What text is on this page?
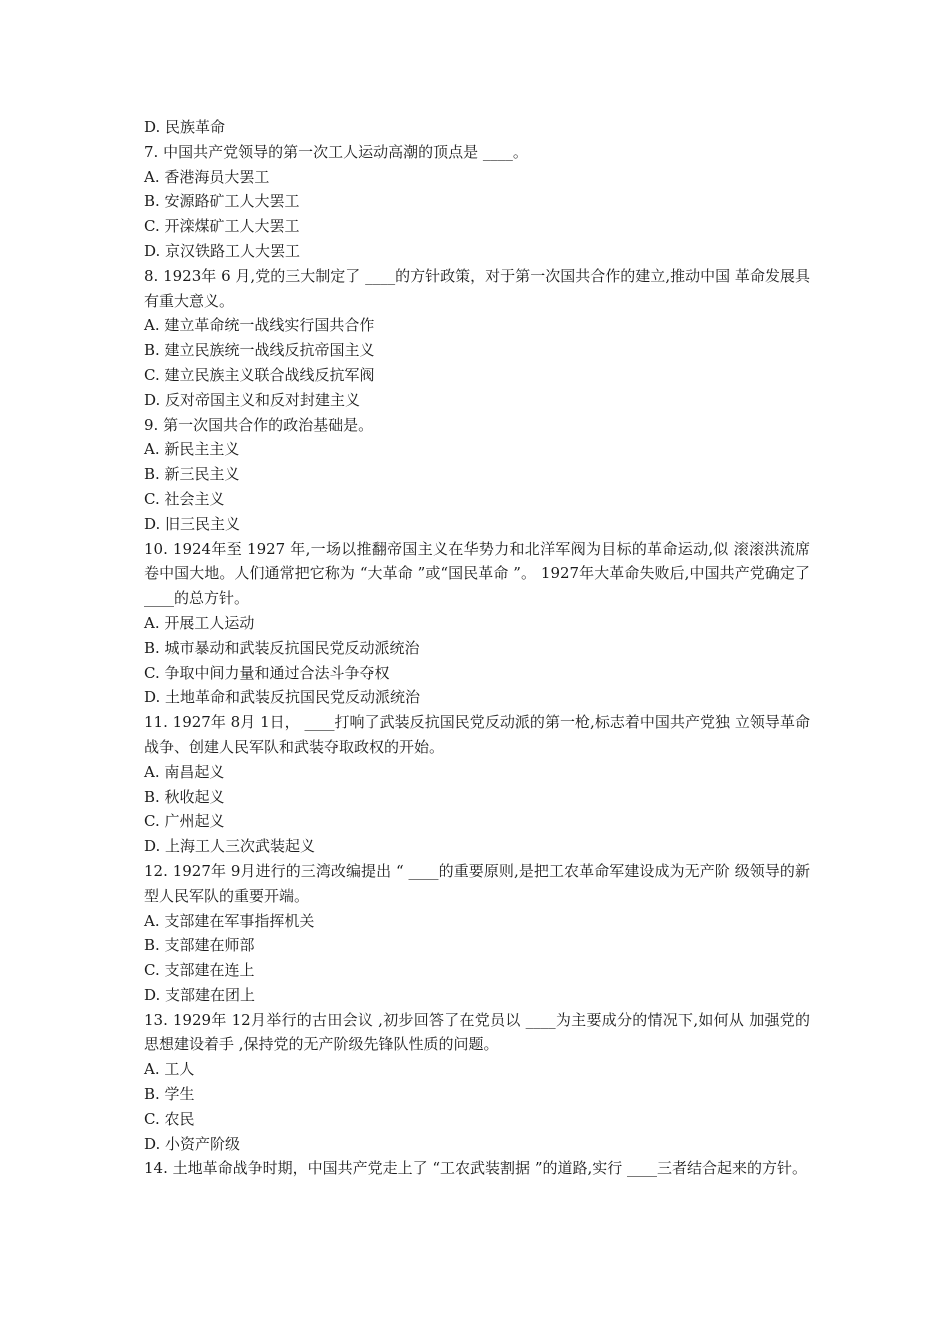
D. 民族革命

7. 中国共产党领导的第一次工人运动高潮的顶点是 ____。

A. 香港海员大罢工

B. 安源路矿工人大罢工

C. 开滦煤矿工人大罢工

D. 京汉铁路工人大罢工

8. 1923年 6 月,党的三大制定了 ____的方针政策，对于第一次国共合作的建立,推动中国 革命发展具有重大意义。

A. 建立革命统一战线实行国共合作

B. 建立民族统一战线反抗帝国主义

C. 建立民族主义联合战线反抗军阀

D. 反对帝国主义和反对封建主义

9. 第一次国共合作的政治基础是。

A. 新民主主义

B. 新三民主义

C. 社会主义

D. 旧三民主义

10. 1924年至 1927 年,一场以推翻帝国主义在华势力和北洋军阀为目标的革命运动,似 滚滚洪流席卷中国大地。人们通常把它称为 “大革命 ”或“国民革命 ”。 1927年大革命失败后,中国共产党确定了 ____的总方针。

A. 开展工人运动

B. 城市暴动和武装反抗国民党反动派统治

C. 争取中间力量和通过合法斗争夺权

D. 土地革命和武装反抗国民党反动派统治

11. 1927年 8月 1日， ____打响了武装反抗国民党反动派的第一枪,标志着中国共产党独 立领导革命战争、创建人民军队和武装夺取政权的开始。

A. 南昌起义

B. 秋收起义

C. 广州起义

D. 上海工人三次武装起义

12. 1927年 9月进行的三湾改编提出 “ ____的重要原则,是把工农革命军建设成为无产阶 级领导的新型人民军队的重要开端。

A. 支部建在军事指挥机关

B. 支部建在师部

C. 支部建在连上

D. 支部建在团上

13. 1929年 12月举行的古田会议 ,初步回答了在党员以 ____为主要成分的情况下,如何从 加强党的思想建设着手 ,保持党的无产阶级先锋队性质的问题。

A. 工人

B. 学生

C. 农民

D. 小资产阶级

14. 土地革命战争时期，中国共产党走上了 “工农武装割据 ”的道路,实行 ____三者结合起来的方针。
